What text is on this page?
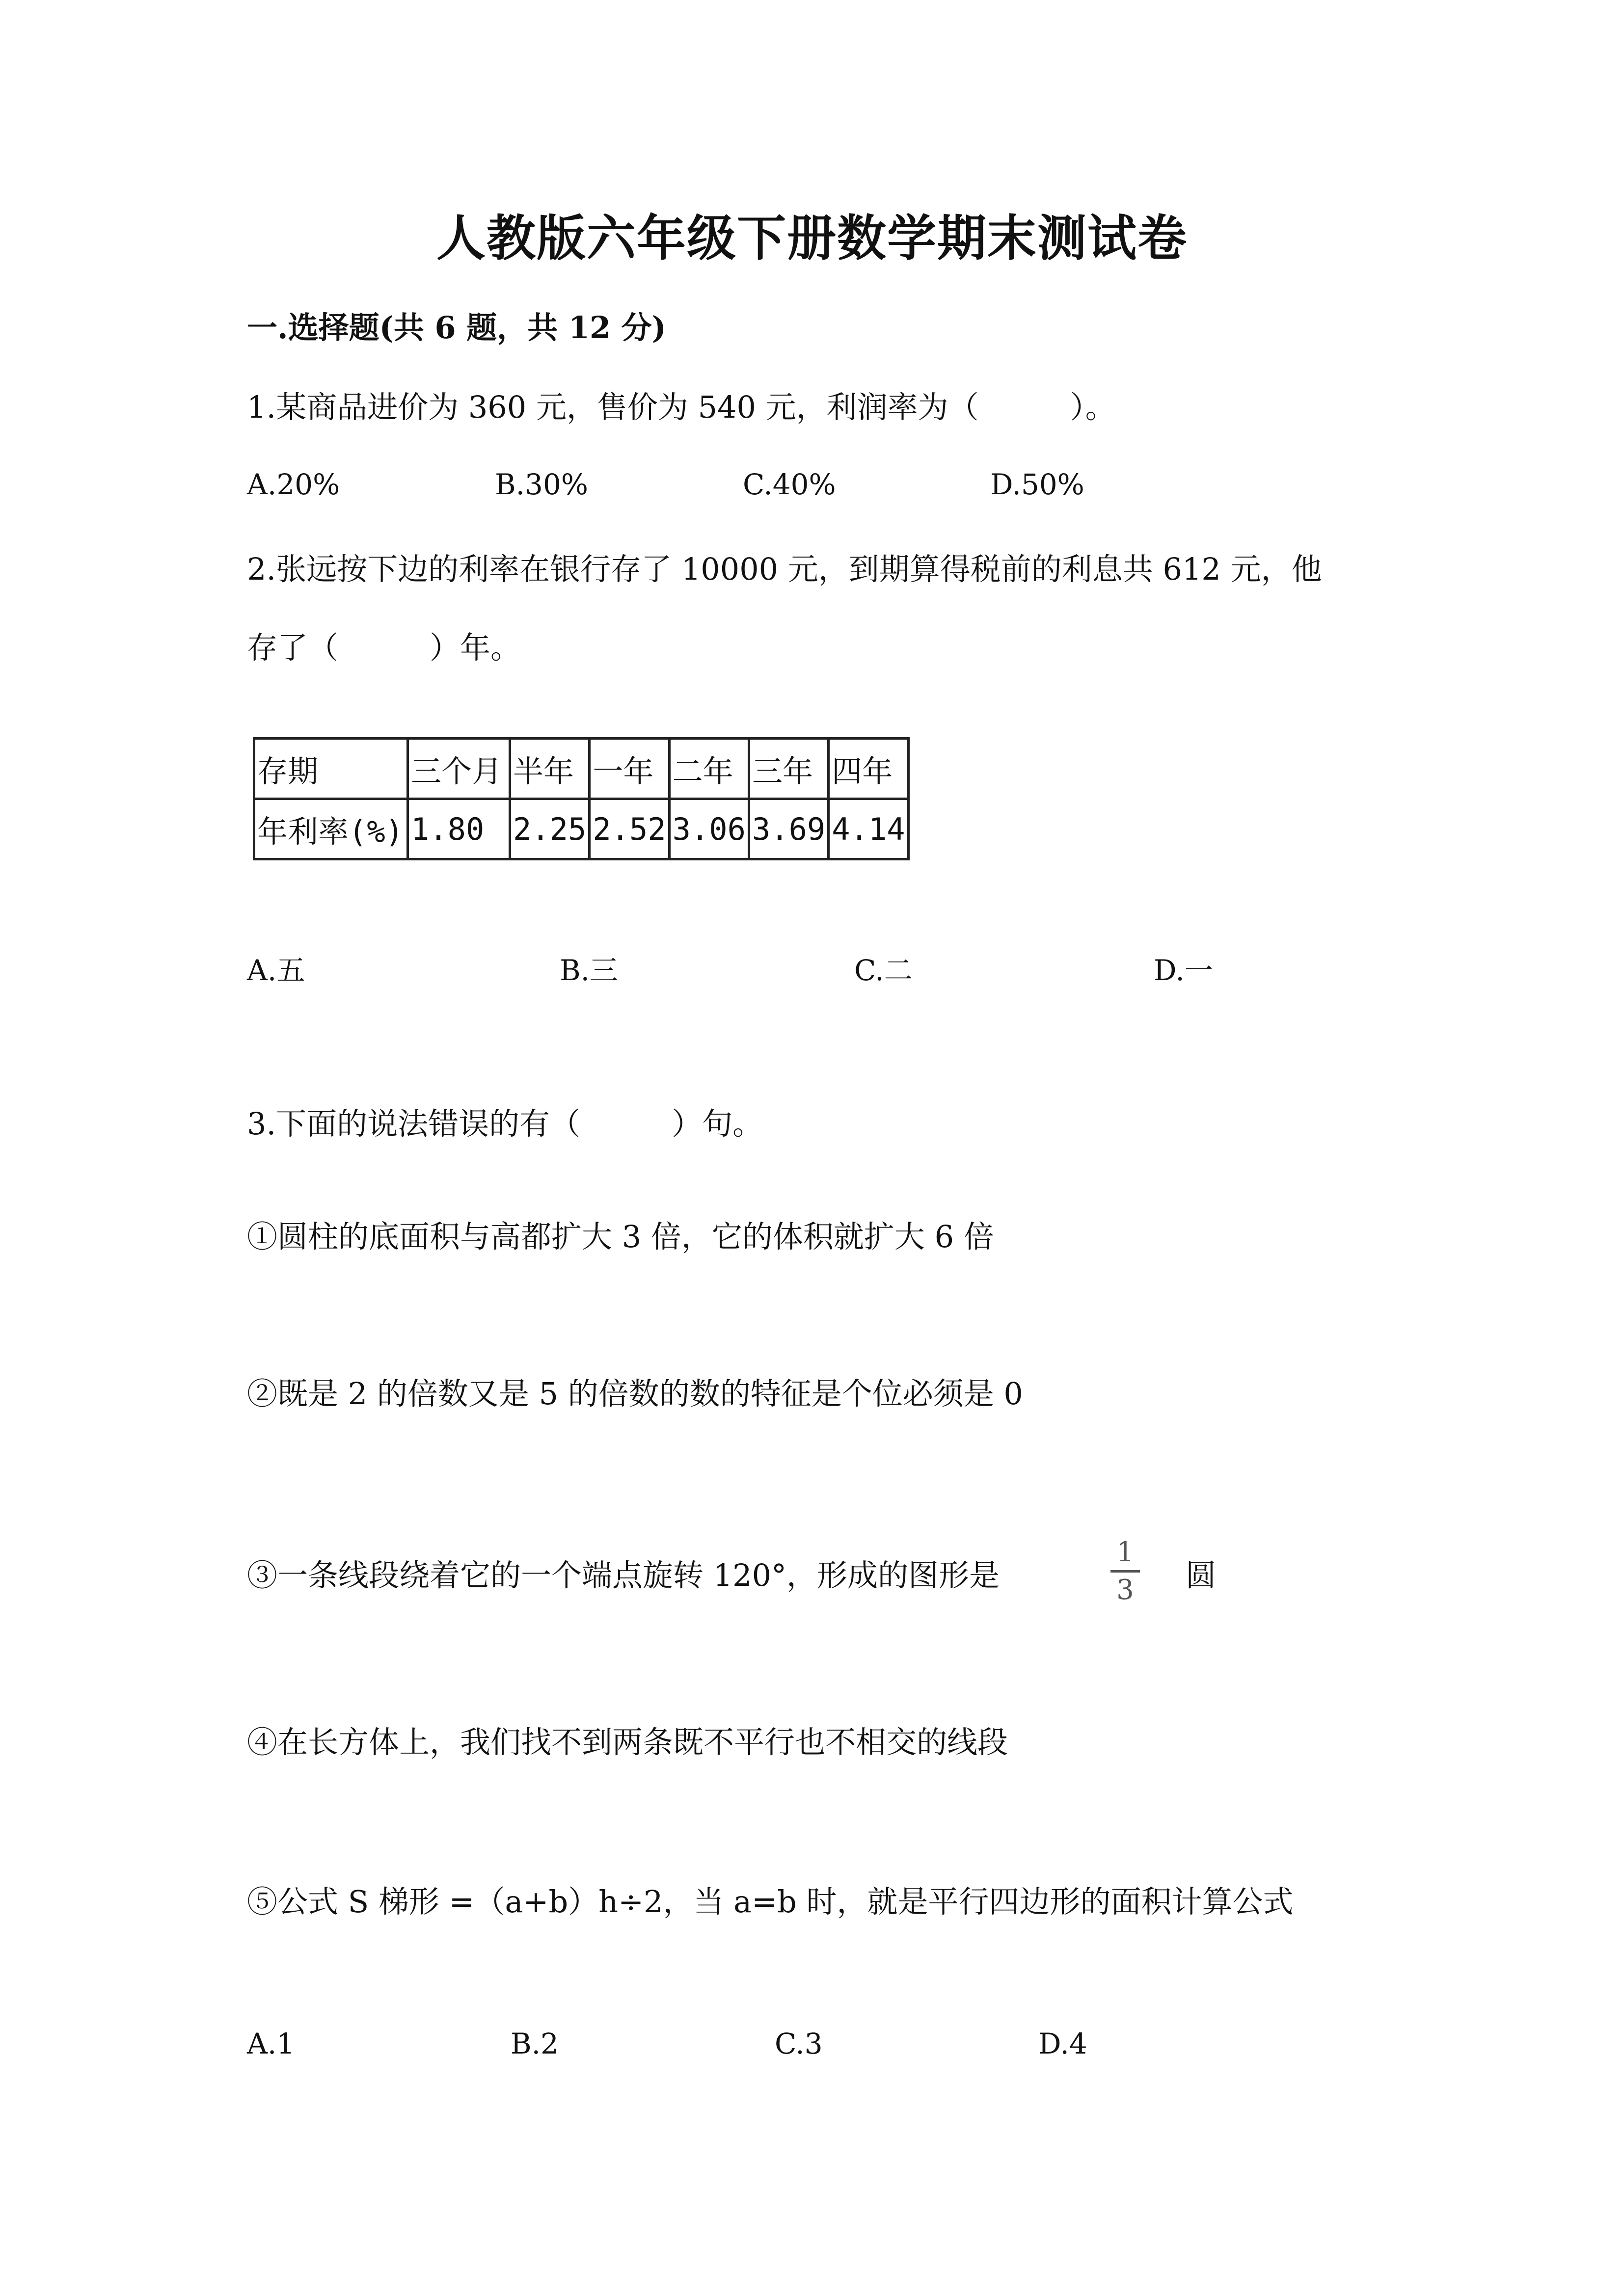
人教版六年级下册数学期末测试卷
一.选择题(共 6 题，共 12 分)
1.某商品进价为 360 元，售价为 540 元，利润率为（　　　）。
A.20%	B.30%	C.40%	D.50%
2.张远按下边的利率在银行存了 10000 元，到期算得税前的利息共 612 元，他
存了（　　　）年。
存期	三个月	半年	一年	二年	三年	四年
年利率(%)	1.80	2.25	2.52	3.06	3.69	4.14
A.五	B.三	C.二	D.一
3.下面的说法错误的有（　　　）句。
①圆柱的底面积与高都扩大 3 倍，它的体积就扩大 6 倍
②既是 2 的倍数又是 5 的倍数的数的特征是个位必须是 0
③一条线段绕着它的一个端点旋转 120°，形成的图形是
1
3 圆
④在长方体上，我们找不到两条既不平行也不相交的线段
⑤公式 S 梯形 =（a+b）h÷2，当 a=b 时，就是平行四边形的面积计算公式
A.1	B.2	C.3	D.4
